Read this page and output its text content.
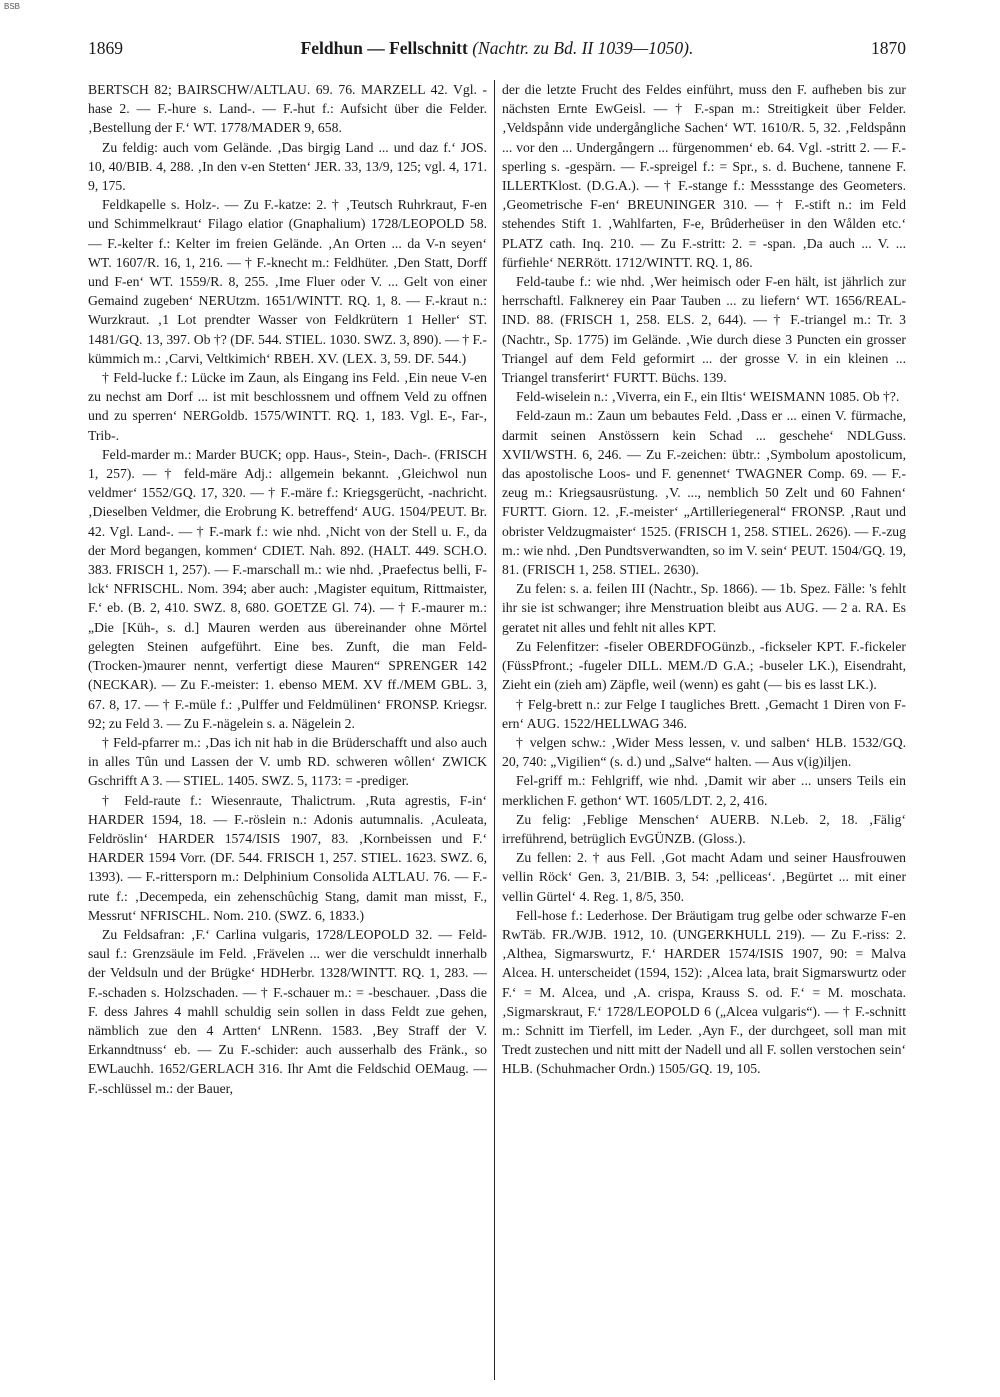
BSB
1869	Feldhun — Fellschnitt (Nachtr. zu Bd. II 1039—1050).	1870

BERTSCH 82; BAIRSCHW/ALTLAU. 69. 76. MARZELL 42. Vgl. -hase 2. — F.-hure s. Land-. — F.-hut f.: Aufsicht über die Felder. ‚Bestellung der F.‘ WT. 1778/MADER 9, 658.

Zu feldig: auch vom Gelände. ‚Das birgig Land ... und daz f.‘ JOS. 10, 40/BIB. 4, 288. ‚In den v-en Stetten‘ JER. 33, 13/9, 125; vgl. 4, 171. 9, 175.

Feldkapelle s. Holz-. — Zu F.-katze: 2. † ‚Teutsch Ruhrkraut, F-en und Schimmelkraut‘ Filago elatior (Gnaphalium) 1728/LEOPOLD 58. — F.-kelter f.: Kelter im freien Gelände. ‚An Orten ... da V-n seyen‘ WT. 1607/R. 16, 1, 216. — † F.-knecht m.: Feldhüter. ‚Den Statt, Dorff und F-en‘ WT. 1559/R. 8, 255. ‚Ime Fluer oder V. ... Gelt von einer Gemaind zugeben‘ NERUtzm. 1651/WINTT. RQ. 1, 8. — F.-kraut n.: Wurzkraut. ‚1 Lot prendter Wasser von Feldkrütern 1 Heller‘ ST. 1481/GQ. 13, 397. Ob †? (DF. 544. STIEL. 1030. SWZ. 3, 890). — † F.-kümmich m.: ‚Carvi, Veltkimich‘ RBEH. XV. (LEX. 3, 59. DF. 544.)

† Feld-lucke f.: Lücke im Zaun, als Eingang ins Feld. ‚Ein neue V-en zu nechst am Dorf ... ist mit beschlossnem und offnem Veld zu offnen und zu sperren‘ NERGoldb. 1575/WINTT. RQ. 1, 183. Vgl. E-, Far-, Trib-.

Feld-marder m.: Marder BUCK; opp. Haus-, Stein-, Dach-. (FRISCH 1, 257). — † feld-märe Adj.: allgemein bekannt. ‚Gleichwol nun veldmer‘ 1552/GQ. 17, 320. — † F.-märe f.: Kriegsgerücht, -nachricht. ‚Dieselben Veldmer, die Erobrung K. betreffend‘ AUG. 1504/PEUT. Br. 42. Vgl. Land-. — † F.-mark f.: wie nhd. ‚Nicht von der Stell u. F., da der Mord begangen, kommen‘ CDIET. Nah. 892. (HALT. 449. SCH.O. 383. FRISCH 1, 257). — F.-marschall m.: wie nhd. ‚Praefectus belli, F-lck‘ NFRISCHL. Nom. 394; aber auch: ‚Magister equitum, Rittmaister, F.‘ eb. (B. 2, 410. SWZ. 8, 680. GOETZE Gl. 74). — † F.-maurer m.: „Die [Küh-, s. d.] Mauren werden aus übereinander ohne Mörtel gelegten Steinen aufgeführt. Eine bes. Zunft, die man Feld- (Trocken-)maurer nennt, verfertigt diese Mauren“ SPRENGER 142 (NECKAR). — Zu F.-meister: 1. ebenso MEM. XV ff./MEM GBL. 3, 67. 8, 17. — † F.-müle f.: ‚Pulffer und Feldmülinen‘ FRONSP. Kriegsr. 92; zu Feld 3. — Zu F.-nägelein s. a. Nägelein 2.

† Feld-pfarrer m.: ‚Das ich nit hab in die Brüderschafft und also auch in alles Tûn und Lassen der V. umb RD. schweren wôllen‘ ZWICK Gschrifft A 3. — STIEL. 1405. SWZ. 5, 1173: = -prediger.

† Feld-raute f.: Wiesenraute, Thalictrum. ‚Ruta agrestis, F-in‘ HARDER 1594, 18. — F.-röslein n.: Adonis autumnalis. ‚Aculeata, Feldröslin‘ HARDER 1574/ISIS 1907, 83. ‚Kornbeissen und F.‘ HARDER 1594 Vorr. (DF. 544. FRISCH 1, 257. STIEL. 1623. SWZ. 6, 1393). — F.-rittersporn m.: Delphinium Consolida ALTLAU. 76. — F.-rute f.: ‚Decempeda, ein zehenschûchig Stang, damit man misst, F., Messrut‘ NFRISCHL. Nom. 210. (SWZ. 6, 1833.)

Zu Feldsafran: ‚F.‘ Carlina vulgaris, 1728/LEOPOLD 32. — Feld-saul f.: Grenzsäule im Feld. ‚Frävelen ... wer die verschuldt innerhalb der Veldsuln und der Brügke‘ HDHerbr. 1328/WINTT. RQ. 1, 283. — F.-schaden s. Holzschaden. — † F.-schauer m.: = -beschauer. ‚Dass die F. dess Jahres 4 mahll schuldig sein sollen in dass Feldt zue gehen, nämblich zue den 4 Artten‘ LNRenn. 1583. ‚Bey Straff der V. Erkanndtnuss‘ eb. — Zu F.-schider: auch ausserhalb des Fränk., so EWLauchh. 1652/GERLACH 316. Ihr Amt die Feldschid OEMaug. — F.-schlüssel m.: der Bauer,

der die letzte Frucht des Feldes einführt, muss den F. aufheben bis zur nächsten Ernte EwGeisl. — † F.-span m.: Streitigkeit über Felder. ‚Veldspånn vide undergångliche Sachen‘ WT. 1610/R. 5, 32. ‚Feldspånn ... vor den ... Undergångern ... fürgenommen‘ eb. 64. Vgl. -stritt 2. — F.-sperling s. -gespärn. — F.-spreigel f.: = Spr., s. d. Buchene, tannene F. ILLERTKlost. (D.G.A.). — † F.-stange f.: Messstange des Geometers. ‚Geometrische F-en‘ BREUNINGER 310. — † F.-stift n.: im Feld stehendes Stift 1. ‚Wahlfarten, F-e, Brûderheüser in den Wålden etc.‘ PLATZ cath. Inq. 210. — Zu F.-stritt: 2. = -span. ‚Da auch ... V. ... fürfiehle‘ NERRött. 1712/WINTT. RQ. 1, 86.

Feld-taube f.: wie nhd. ‚Wer heimisch oder F-en hält, ist jährlich zur herrschaftl. Falknerey ein Paar Tauben ... zu liefern‘ WT. 1656/REAL-IND. 88. (FRISCH 1, 258. ELS. 2, 644). — † F.-triangel m.: Tr. 3 (Nachtr., Sp. 1775) im Gelände. ‚Wie durch diese 3 Puncten ein grosser Triangel auf dem Feld geformirt ... der grosse V. in ein kleinen ... Triangel transferirt‘ FURTT. Büchs. 139.

Feld-wiselein n.: ‚Viverra, ein F., ein Iltis‘ WEISMANN 1085. Ob †?.

Feld-zaun m.: Zaun um bebautes Feld. ‚Dass er ... einen V. fürmache, darmit seinen Anstössern kein Schad ... geschehe‘ NDLGuss. XVII/WSTH. 6, 246. — Zu F.-zeichen: übtr.: ‚Symbolum apostolicum, das apostolische Loos- und F. genennet‘ TWAGNER Comp. 69. — F.-zeug m.: Kriegsausrüstung. ‚V. ..., nemblich 50 Zelt und 60 Fahnen‘ FURTT. Giorn. 12. ‚F.-meister‘ „Artilleriegeneral“ FRONSP. ‚Raut und obrister Veldzugmaister‘ 1525. (FRISCH 1, 258. STIEL. 2626). — F.-zug m.: wie nhd. ‚Den Pundtsverwandten, so im V. sein‘ PEUT. 1504/GQ. 19, 81. (FRISCH 1, 258. STIEL. 2630).

Zu felen: s. a. feilen III (Nachtr., Sp. 1866). — 1b. Spez. Fälle: 's fehlt ihr sie ist schwanger; ihre Menstruation bleibt aus AUG. — 2 a. RA. Es geratet nit alles und fehlt nit alles KPT.

Zu Felenfitzer: -fiseler OBERDFOGünzb., -fickseler KPT. F.-fickeler (FüssPfront.; -fugeler DILL. MEM./D G.A.; -buseler LK.), Eisendraht, Zieht ein (zieh am) Zäpfle, weil (wenn) es gaht (— bis es lasst LK.).

† Felg-brett n.: zur Felge I taugliches Brett. ‚Gemacht 1 Diren von F-ern‘ AUG. 1522/HELLWAG 346.

† velgen schw.: ‚Wider Mess lessen, v. und salben‘ HLB. 1532/GQ. 20, 740: „Vigilien“ (s. d.) und „Salve“ halten. — Aus v(ig)iljen.

Fel-griff m.: Fehlgriff, wie nhd. ‚Damit wir aber ... unsers Teils ein merklichen F. gethon‘ WT. 1605/LDT. 2, 2, 416.

Zu felig: ‚Feblige Menschen‘ AUERB. N.Leb. 2, 18. ‚Fälig‘ irreführend, betrüglich EvGÜNZB. (Gloss.).

Zu fellen: 2. † aus Fell. ‚Got macht Adam und seiner Hausfrouwen vellin Röck‘ Gen. 3, 21/BIB. 3, 54: ‚pelliceas‘. ‚Begürtet ... mit einer vellin Gürtel‘ 4. Reg. 1, 8/5, 350.

Fell-hose f.: Lederhose. Der Bräutigam trug gelbe oder schwarze F-en RwTäb. FR./WJB. 1912, 10. (UNGERKHULL 219). — Zu F.-riss: 2. ‚Althea, Sigmarswurtz, F.‘ HARDER 1574/ISIS 1907, 90: = Malva Alcea. H. unterscheidet (1594, 152): ‚Alcea lata, brait Sigmarswurtz oder F.‘ = M. Alcea, und ‚A. crispa, Krauss S. od. F.‘ = M. moschata. ‚Sigmarskraut, F.‘ 1728/LEOPOLD 6 („Alcea vulgaris“). — † F.-schnitt m.: Schnitt im Tierfell, im Leder. ‚Ayn F., der durchgeet, soll man mit Tredt zustechen und nitt mitt der Nadell und all F. sollen verstochen sein‘ HLB. (Schuhmacher Ordn.) 1505/GQ. 19, 105.
